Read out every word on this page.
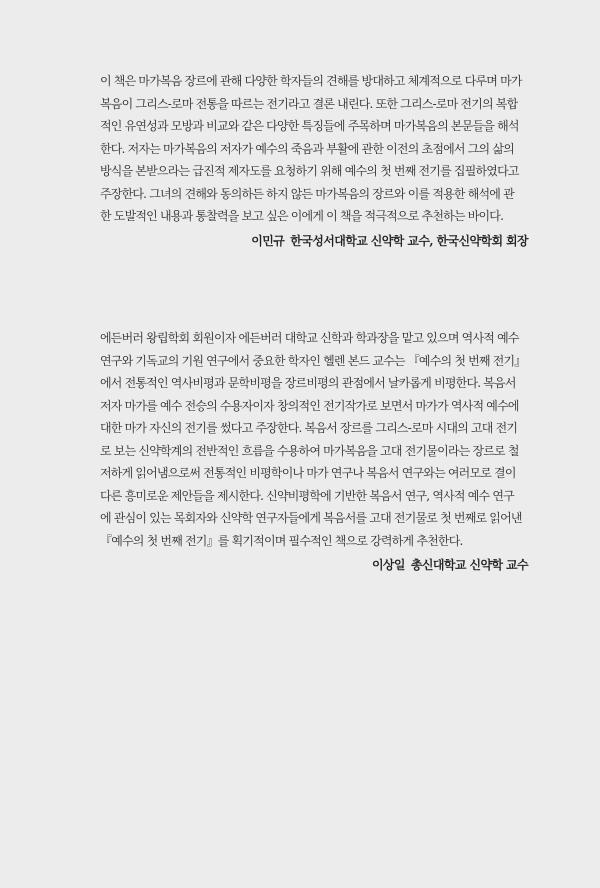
이 책은 마가복음 장르에 관해 다양한 학자들의 견해를 방대하고 체계적으로 다루며 마가
복음이 그리스-로마 전통을 따르는 전기라고 결론 내린다. 또한 그리스-로마 전기의 복합
적인 유연성과 모방과 비교와 같은 다양한 특징들에 주목하며 마가복음의 본문들을 해석
한다. 저자는 마가복음의 저자가 예수의 죽음과 부활에 관한 이전의 초점에서 그의 삶의
방식을 본받으라는 급진적 제자도를 요청하기 위해 예수의 첫 번째 전기를 집필하였다고
주장한다. 그녀의 견해와 동의하든 하지 않든 마가복음의 장르와 이를 적용한 해석에 관
한 도발적인 내용과 통찰력을 보고 싶은 이에게 이 책을 적극적으로 추천하는 바이다.
이민규 한국성서대학교 신약학 교수, 한국신약학회 회장
에든버러 왕립학회 회원이자 에든버러 대학교 신학과 학과장을 맡고 있으며 역사적 예수
연구와 기독교의 기원 연구에서 중요한 학자인 헬렌 본드 교수는 『예수의 첫 번째 전기』
에서 전통적인 역사비평과 문학비평을 장르비평의 관점에서 날카롭게 비평한다. 복음서
저자 마가를 예수 전승의 수용자이자 창의적인 전기작가로 보면서 마가가 역사적 예수에
대한 마가 자신의 전기를 썼다고 주장한다. 복음서 장르를 그리스-로마 시대의 고대 전기
로 보는 신약학계의 전반적인 흐름을 수용하여 마가복음을 고대 전기물이라는 장르로 철
저하게 읽어냄으로써 전통적인 비평학이나 마가 연구나 복음서 연구와는 여러모로 결이
다른 흥미로운 제안들을 제시한다. 신약비평학에 기반한 복음서 연구, 역사적 예수 연구
에 관심이 있는 목회자와 신약학 연구자들에게 복음서를 고대 전기물로 첫 번째로 읽어낸
『예수의 첫 번째 전기』를 획기적이며 필수적인 책으로 강력하게 추천한다.
이상일 총신대학교 신약학 교수
